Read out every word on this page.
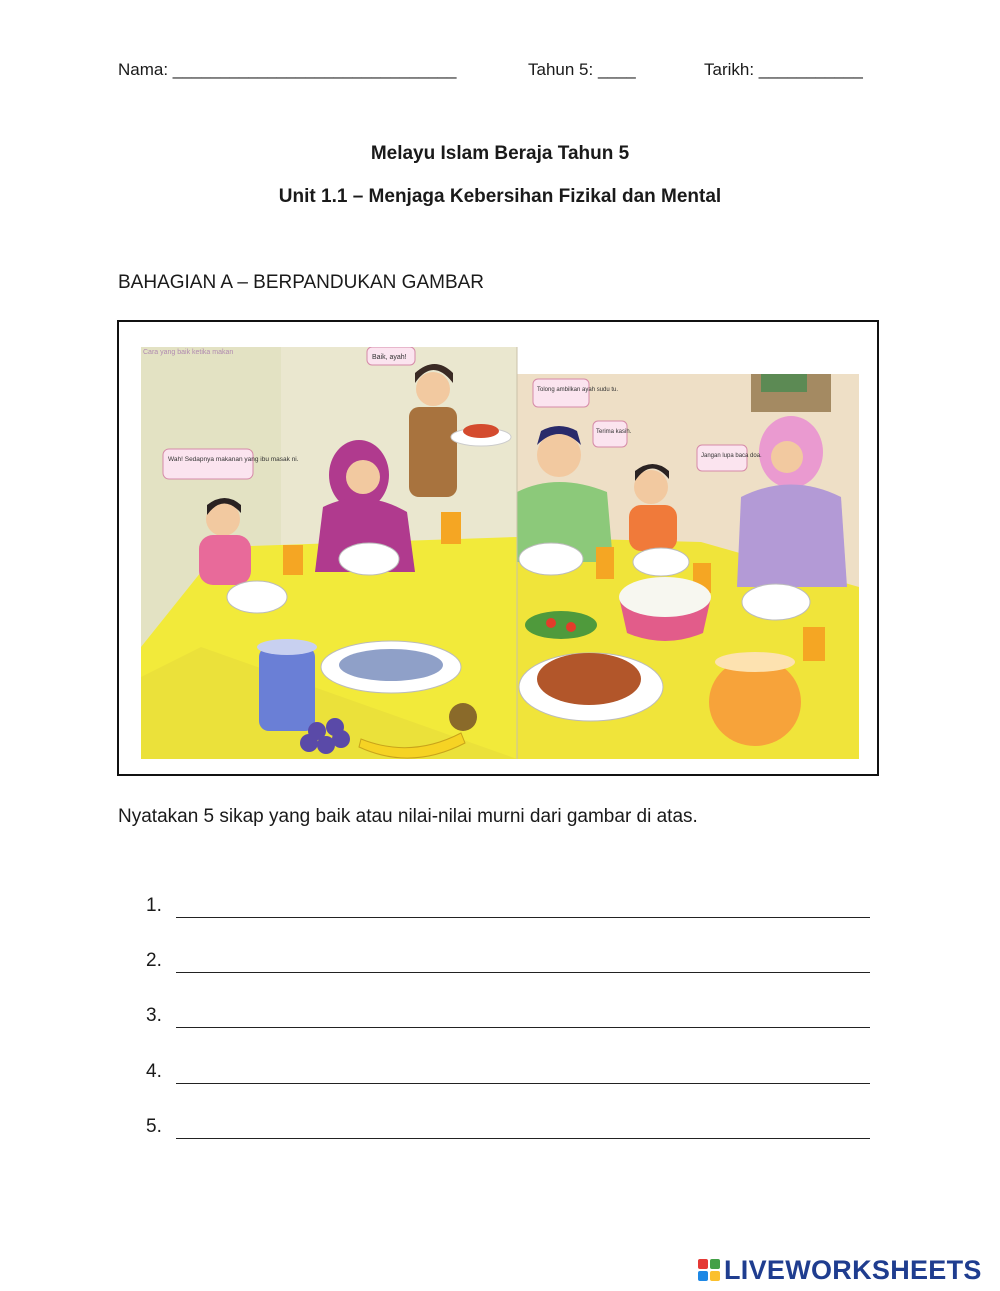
Nama: ______________________________	Tahun 5: ____	Tarikh: ___________
Melayu Islam Beraja Tahun 5
Unit 1.1 – Menjaga Kebersihan Fizikal dan Mental
BAHAGIAN A – BERPANDUKAN GAMBAR
Cara yang baik ketika makan
Wah! Sedapnya makanan yang ibu masak ni.
Baik, ayah!
Tolong ambilkan ayah sudu tu.
Terima kasih.
Jangan lupa baca doa.
Nyatakan 5 sikap yang baik atau nilai-nilai murni dari gambar di atas.
1.
2.
3.
4.
5.
LIVEWORKSHEETS
